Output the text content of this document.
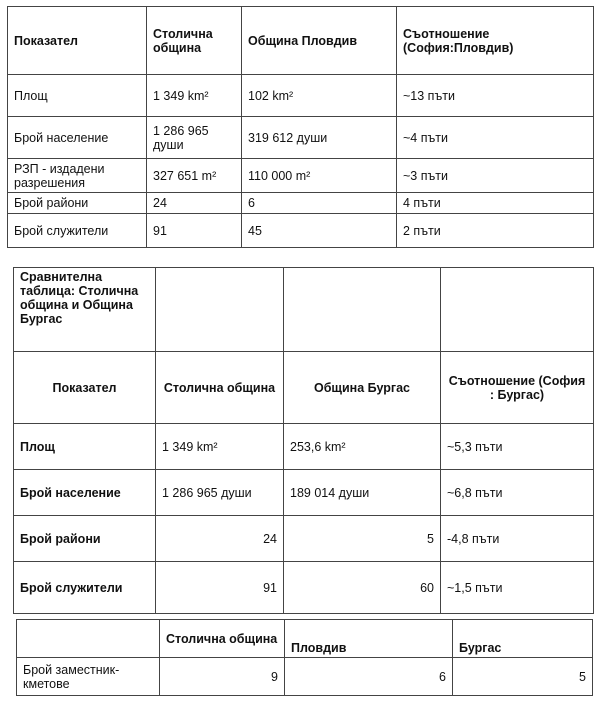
Показател	Столична община	Община Пловдив	Съотношение (София:Пловдив)
Площ	1 349 km²	102 km²	~13 пъти
Брой население	1 286 965 души	319 612 души	~4 пъти
РЗП - издадени разрешения	327 651 m²	110 000 m²	~3 пъти
Брой райони	24	6	4 пъти
Брой служители	91	45	2 пъти
Сравнителна таблица: Столична община и Община Бургас			
Показател	Столична община	Община Бургас	Съотношение (София : Бургас)
Площ	1 349 km²	253,6 km²	~5,3 пъти
Брой население	1 286 965 души	189 014 души	~6,8 пъти
Брой райони	24	5	-4,8 пъти
Брой служители	91	60	~1,5 пъти
	Столична община	Пловдив	Бургас
Брой заместник-кметове	9	6	5
